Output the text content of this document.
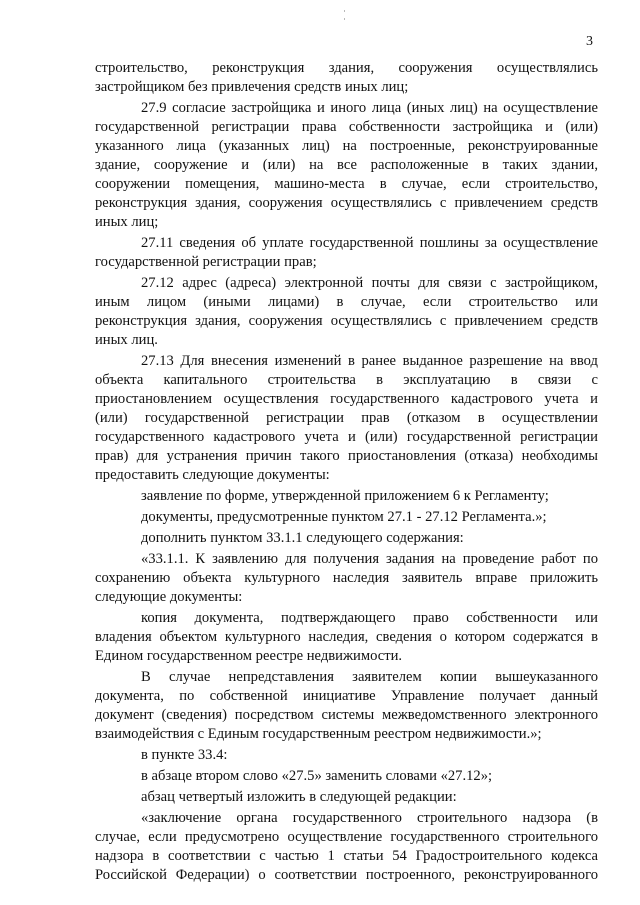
3

строительство, реконструкция здания, сооружения осуществлялись

застройщиком без привлечения средств иных лиц;

27.9 согласие застройщика и иного лица (иных лиц) на осуществление

государственной регистрации права собственности застройщика и (или)

указанного лица (указанных лиц) на построенные, реконструированные

здание, сооружение и (или) на все расположенные в таких здании,

сооружении помещения, машино-места в случае, если строительство,

реконструкция здания, сооружения осуществлялись с привлечением средств

иных лиц;

27.11 сведения об уплате государственной пошлины за осуществление

государственной регистрации прав;

27.12 адрес (адреса) электронной почты для связи с застройщиком,

иным лицом (иными лицами) в случае, если строительство или

реконструкция здания, сооружения осуществлялись с привлечением средств

иных лиц.

27.13 Для внесения изменений в ранее выданное разрешение на ввод

объекта капитального строительства в эксплуатацию в связи с

приостановлением осуществления государственного кадастрового учета и

(или) государственной регистрации прав (отказом в осуществлении

государственного кадастрового учета и (или) государственной регистрации

прав) для устранения причин такого приостановления (отказа) необходимы

предоставить следующие документы:

заявление по форме, утвержденной приложением 6 к Регламенту;

документы, предусмотренные пунктом 27.1 - 27.12 Регламента.»;

дополнить пунктом 33.1.1 следующего содержания:

«33.1.1. К заявлению для получения задания на проведение работ по

сохранению объекта культурного наследия заявитель вправе приложить

следующие документы:

копия документа, подтверждающего право собственности или

владения объектом культурного наследия, сведения о котором содержатся в

Едином государственном реестре недвижимости.

В случае непредставления заявителем копии вышеуказанного

документа, по собственной инициативе Управление получает данный

документ (сведения) посредством системы межведомственного электронного

взаимодействия с Единым государственным реестром недвижимости.»;

в пункте 33.4:

в абзаце втором слово «27.5» заменить словами «27.12»;

абзац четвертый изложить в следующей редакции:

«заключение органа государственного строительного надзора (в

случае, если предусмотрено осуществление государственного строительного

надзора в соответствии с частью 1 статьи 54 Градостроительного кодекса

Российской Федерации) о соответствии построенного, реконструированного
